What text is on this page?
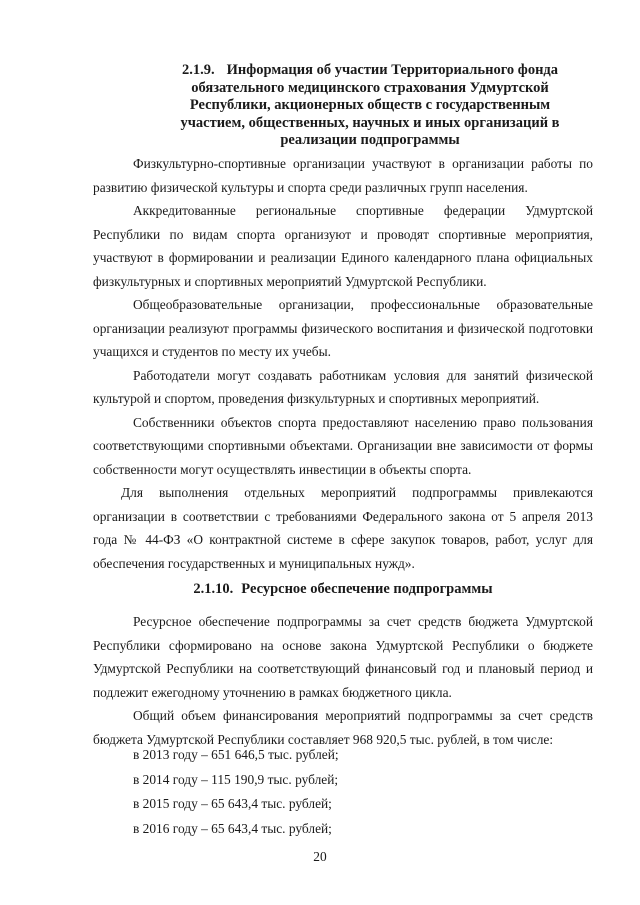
2.1.9. Информация об участии Территориального фонда
обязательного медицинского страхования Удмуртской
Республики, акционерных обществ с государственным
участием, общественных, научных и иных организаций в
реализации подпрограммы

Физкультурно-спортивные организации участвуют в организации работы по развитию физической культуры и спорта среди различных групп населения.

Аккредитованные региональные спортивные федерации Удмуртской Республики по видам спорта организуют и проводят спортивные мероприятия, участвуют в формировании и реализации Единого календарного плана официальных физкультурных и спортивных мероприятий Удмуртской Республики.

Общеобразовательные организации, профессиональные образовательные организации реализуют программы физического воспитания и физической подготовки учащихся и студентов по месту их учебы.

Работодатели могут создавать работникам условия для занятий физической культурой и спортом, проведения физкультурных и спортивных мероприятий.

Собственники объектов спорта предоставляют населению право пользования соответствующими спортивными объектами. Организации вне зависимости от формы собственности могут осуществлять инвестиции в объекты спорта.

Для выполнения отдельных мероприятий подпрограммы привлекаются организации в соответствии с требованиями Федерального закона от 5 апреля 2013 года № 44-ФЗ «О контрактной системе в сфере закупок товаров, работ, услуг для обеспечения государственных и муниципальных нужд».

2.1.10. Ресурсное обеспечение подпрограммы

Ресурсное обеспечение подпрограммы за счет средств бюджета Удмуртской Республики сформировано на основе закона Удмуртской Республики о бюджете Удмуртской Республики на соответствующий финансовый год и плановый период и подлежит ежегодному уточнению в рамках бюджетного цикла.

Общий объем финансирования мероприятий подпрограммы за счет средств бюджета Удмуртской Республики составляет 968 920,5 тыс. рублей, в том числе:

в 2013 году – 651 646,5 тыс. рублей;
в 2014 году – 115 190,9 тыс. рублей;
в 2015 году – 65 643,4 тыс. рублей;
в 2016 году – 65 643,4 тыс. рублей;
20
